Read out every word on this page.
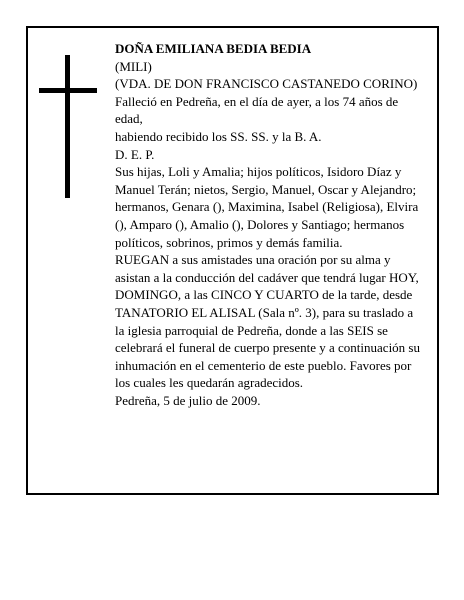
DOÑA EMILIANA BEDIA BEDIA

(MILI)

(VDA. DE DON FRANCISCO CASTANEDO CORINO)

Falleció en Pedreña, en el día de ayer, a los 74 años de edad,

habiendo recibido los SS. SS. y la B. A.

D. E. P.

Sus hijas, Loli y Amalia; hijos políticos, Isidoro Díaz y Manuel Terán; nietos, Sergio, Manuel, Oscar y Alejandro; hermanos, Genara (), Maximina, Isabel (Religiosa), Elvira (), Amparo (), Amalio (), Dolores y Santiago; hermanos políticos, sobrinos, primos y demás familia.

RUEGAN a sus amistades una oración por su alma y asistan a la conducción del cadáver que tendrá lugar HOY, DOMINGO, a las CINCO Y CUARTO de la tarde, desde TANATORIO EL ALISAL (Sala nº. 3), para su traslado a la iglesia parroquial de Pedreña, donde a las SEIS se celebrará el funeral de cuerpo presente y a continuación su inhumación en el cementerio de este pueblo. Favores por los cuales les quedarán agradecidos.

Pedreña, 5 de julio de 2009.
